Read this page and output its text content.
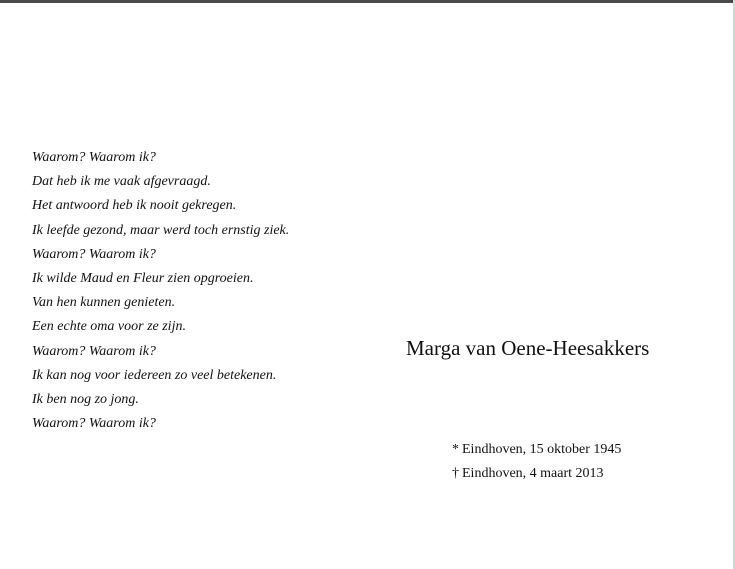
Waarom? Waarom ik?
Dat heb ik me vaak afgevraagd.
Het antwoord heb ik nooit gekregen.
Ik leefde gezond, maar werd toch ernstig ziek.
Waarom? Waarom ik?
Ik wilde Maud en Fleur zien opgroeien.
Van hen kunnen genieten.
Een echte oma voor ze zijn.
Waarom? Waarom ik?
Ik kan nog voor iedereen zo veel betekenen.
Ik ben nog zo jong.
Waarom? Waarom ik?
Marga van Oene-Heesakkers
* Eindhoven, 15 oktober 1945
† Eindhoven, 4 maart 2013
